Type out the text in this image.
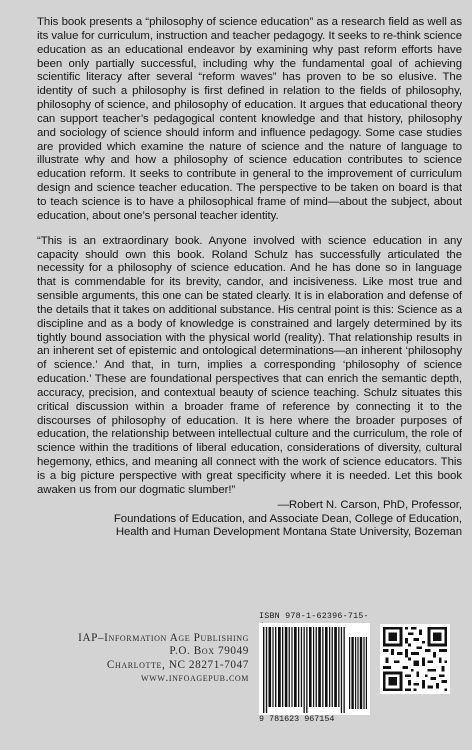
This book presents a “philosophy of science education” as a research field as well as its value for curriculum, instruction and teacher pedagogy. It seeks to re-think science education as an educational endeavor by examining why past reform efforts have been only partially successful, including why the fundamental goal of achieving scientific literacy after several “reform waves” has proven to be so elusive. The identity of such a philosophy is first defined in relation to the fields of philosophy, philosophy of science, and philosophy of education. It argues that educational theory can support teacher’s pedagogical content knowledge and that history, philosophy and sociology of science should inform and influence pedagogy. Some case studies are provided which examine the nature of science and the nature of language to illustrate why and how a philosophy of science education contributes to science education reform. It seeks to contribute in general to the improvement of curriculum design and science teacher education. The perspective to be taken on board is that to teach science is to have a philosophical frame of mind—about the subject, about education, about one’s personal teacher identity.

“This is an extraordinary book. Anyone involved with science education in any capacity should own this book. Roland Schulz has successfully articulated the necessity for a philosophy of science education. And he has done so in language that is commendable for its brevity, candor, and incisiveness. Like most true and sensible arguments, this one can be stated clearly. It is in elaboration and defense of the details that it takes on additional substance. His central point is this: Science as a discipline and as a body of knowledge is constrained and largely determined by its tightly bound association with the physical world (reality). That relationship results in an inherent set of epistemic and ontological determinations—an inherent ‘philosophy of science.’ And that, in turn, implies a corresponding ‘philosophy of science education.’ These are foundational perspectives that can enrich the semantic depth, accuracy, precision, and contextual beauty of science teaching. Schulz situates this critical discussion within a broader frame of reference by connecting it to the discourses of philosophy of education. It is here where the broader purposes of education, the relationship between intellectual culture and the curriculum, the role of science within the traditions of liberal education, considerations of diversity, cultural hegemony, ethics, and meaning all connect with the work of science educators. This is a big picture perspective with great specificity where it is needed. Let this book awaken us from our dogmatic slumber!”

—Robert N. Carson, PhD, Professor,
Foundations of Education, and Associate Dean, College of Education,
Health and Human Development Montana State University, Bozeman
IAP–Information Age Publishing
P.O. Box 79049
Charlotte, NC 28271-7047
www.infoagepub.com
ISBN 978-1-62396-715-
9 781623 967154
